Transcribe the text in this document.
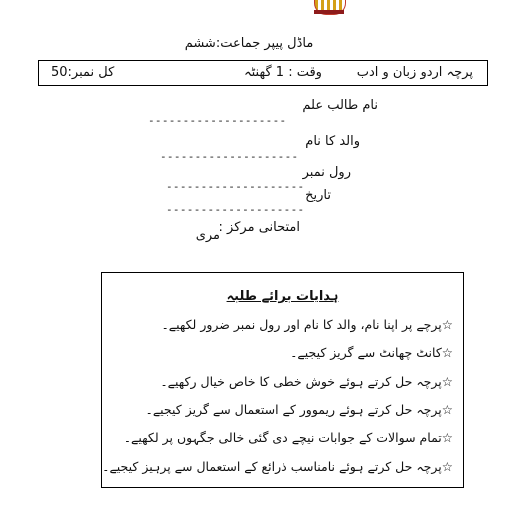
ماڈل پیپر جماعت:ششم
کل نمبر:50	وقت : 1 گھنٹہ	پرچہ اردو زبان و ادب
نام طالب علم
--------------------
والد کا نام
--------------------
رول نمبر
--------------------
تاریخ
--------------------
امتحانی مرکز :
مری
ہدایات برائے طلبہ
☆پرچے پر اپنا نام، والد کا نام اور رول نمبر ضرور لکھیے۔
☆کانٹ چھانٹ سے گریز کیجیے۔
☆پرچہ حل کرتے ہوئے خوش خطی کا خاص خیال رکھیے۔
☆پرچہ حل کرتے ہوئے ریموور کے استعمال سے گریز کیجیے۔
☆تمام سوالات کے جوابات نیچے دی گئی خالی جگہوں پر لکھیے۔
☆پرچہ حل کرتے ہوئے نامناسب ذرائع کے استعمال سے پرہیز کیجیے۔
